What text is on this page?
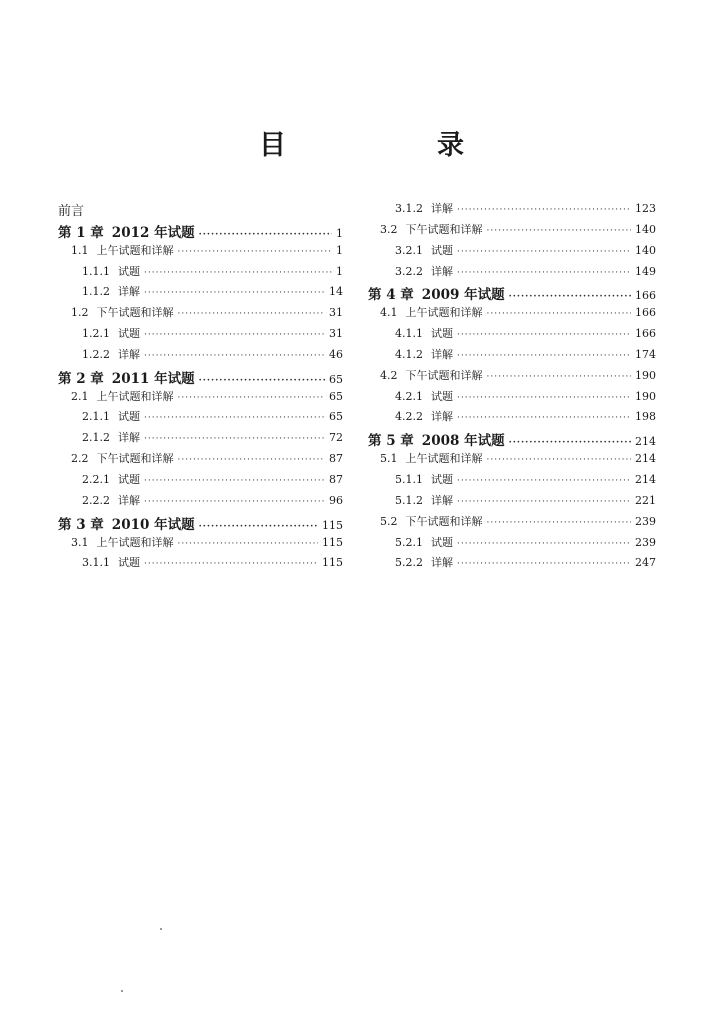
目　录
前言
第 1 章 2012 年试题 ·····	1
1.1 上午试题和详解 ·····	1
1.1.1 试题 ·····	1
1.1.2 详解 ·····	14
1.2 下午试题和详解 ·····	31
1.2.1 试题 ·····	31
1.2.2 详解 ·····	46
第 2 章 2011 年试题 ·····	65
2.1 上午试题和详解 ·····	65
2.1.1 试题 ·····	65
2.1.2 详解 ·····	72
2.2 下午试题和详解 ·····	87
2.2.1 试题 ·····	87
2.2.2 详解 ·····	96
第 3 章 2010 年试题 ·····	115
3.1 上午试题和详解 ·····	115
3.1.1 试题 ·····	115
3.1.2 详解 ·····	123
3.2 下午试题和详解 ·····	140
3.2.1 试题 ·····	140
3.2.2 详解 ·····	149
第 4 章 2009 年试题 ·····	166
4.1 上午试题和详解 ·····	166
4.1.1 试题 ·····	166
4.1.2 详解 ·····	174
4.2 下午试题和详解 ·····	190
4.2.1 试题 ·····	190
4.2.2 详解 ·····	198
第 5 章 2008 年试题 ·····	214
5.1 上午试题和详解 ·····	214
5.1.1 试题 ·····	214
5.1.2 详解 ·····	221
5.2 下午试题和详解 ·····	239
5.2.1 试题 ·····	239
5.2.2 详解 ·····	247
